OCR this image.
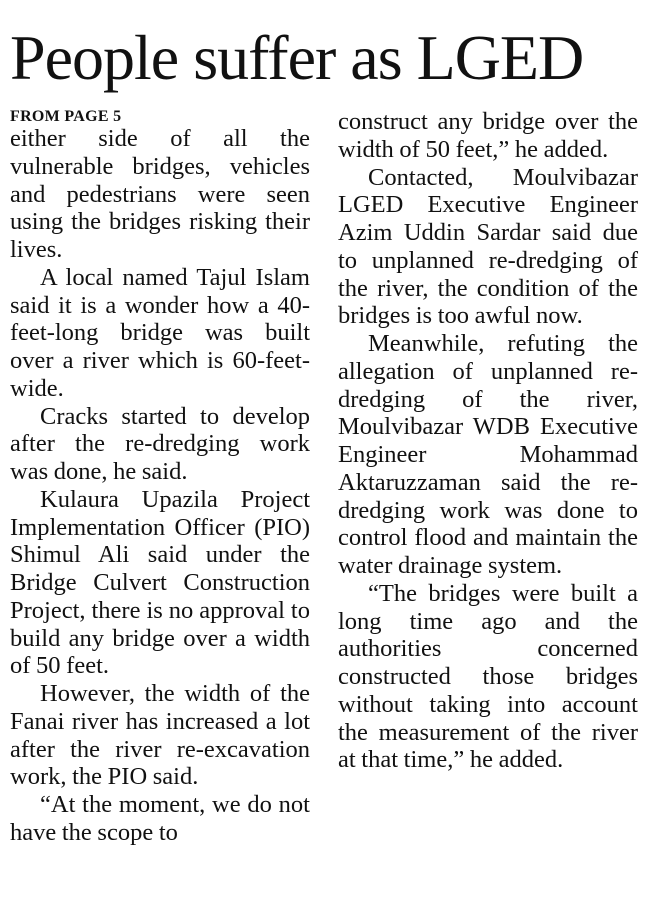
People suffer as LGED
FROM PAGE 5

either side of all the vulnerable bridges, vehicles and pedestrians were seen using the bridges risking their lives.

A local named Tajul Islam said it is a wonder how a 40-feet-long bridge was built over a river which is 60-feet-wide.

Cracks started to develop after the re-dredging work was done, he said.

Kulaura Upazila Project Implementation Officer (PIO) Shimul Ali said under the Bridge Culvert Construction Project, there is no approval to build any bridge over a width of 50 feet.

However, the width of the Fanai river has increased a lot after the river re-excavation work, the PIO said.

“At the moment, we do not have the scope to

construct any bridge over the width of 50 feet,” he added.

Contacted, Moulvibazar LGED Executive Engineer Azim Uddin Sardar said due to unplanned re-dredging of the river, the condition of the bridges is too awful now.

Meanwhile, refuting the allegation of unplanned re-dredging of the river, Moulvibazar WDB Executive Engineer Mohammad Aktaruzzaman said the re-dredging work was done to control flood and maintain the water drainage system.

“The bridges were built a long time ago and the authorities concerned constructed those bridges without taking into account the measurement of the river at that time,” he added.
